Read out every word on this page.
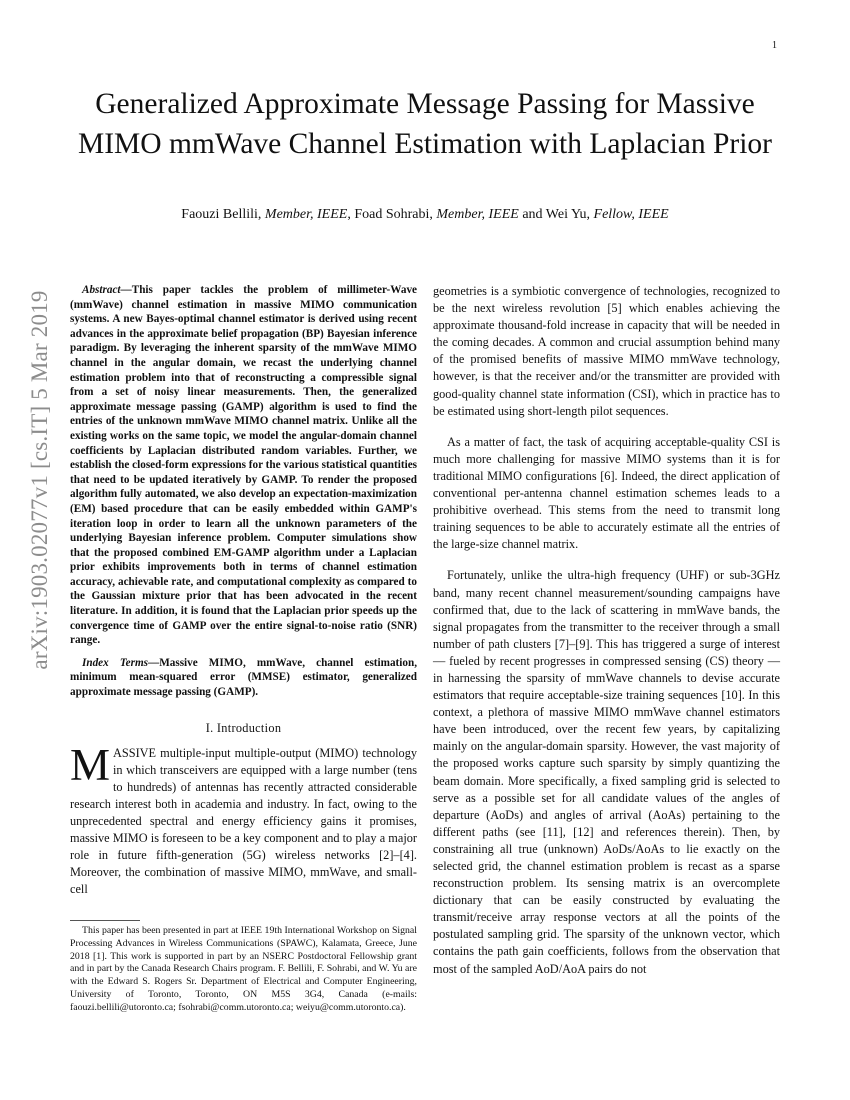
1
arXiv:1903.02077v1 [cs.IT] 5 Mar 2019
Generalized Approximate Message Passing for Massive MIMO mmWave Channel Estimation with Laplacian Prior
Faouzi Bellili, Member, IEEE, Foad Sohrabi, Member, IEEE and Wei Yu, Fellow, IEEE

Abstract—This paper tackles the problem of millimeter-Wave (mmWave) channel estimation in massive MIMO communication systems. A new Bayes-optimal channel estimator is derived using recent advances in the approximate belief propagation (BP) Bayesian inference paradigm. By leveraging the inherent sparsity of the mmWave MIMO channel in the angular domain, we recast the underlying channel estimation problem into that of reconstructing a compressible signal from a set of noisy linear measurements. Then, the generalized approximate message passing (GAMP) algorithm is used to find the entries of the unknown mmWave MIMO channel matrix. Unlike all the existing works on the same topic, we model the angular-domain channel coefficients by Laplacian distributed random variables. Further, we establish the closed-form expressions for the various statistical quantities that need to be updated iteratively by GAMP. To render the proposed algorithm fully automated, we also develop an expectation-maximization (EM) based procedure that can be easily embedded within GAMP's iteration loop in order to learn all the unknown parameters of the underlying Bayesian inference problem. Computer simulations show that the proposed combined EM-GAMP algorithm under a Laplacian prior exhibits improvements both in terms of channel estimation accuracy, achievable rate, and computational complexity as compared to the Gaussian mixture prior that has been advocated in the recent literature. In addition, it is found that the Laplacian prior speeds up the convergence time of GAMP over the entire signal-to-noise ratio (SNR) range.

Index Terms—Massive MIMO, mmWave, channel estimation, minimum mean-squared error (MMSE) estimator, generalized approximate message passing (GAMP).

I. Introduction

MASSIVE multiple-input multiple-output (MIMO) technology in which transceivers are equipped with a large number (tens to hundreds) of antennas has recently attracted considerable research interest both in academia and industry. In fact, owing to the unprecedented spectral and energy efficiency gains it promises, massive MIMO is foreseen to be a key component and to play a major role in future fifth-generation (5G) wireless networks [2]–[4]. Moreover, the combination of massive MIMO, mmWave, and small-cell

This paper has been presented in part at IEEE 19th International Workshop on Signal Processing Advances in Wireless Communications (SPAWC), Kalamata, Greece, June 2018 [1]. This work is supported in part by an NSERC Postdoctoral Fellowship grant and in part by the Canada Research Chairs program. F. Bellili, F. Sohrabi, and W. Yu are with the Edward S. Rogers Sr. Department of Electrical and Computer Engineering, University of Toronto, Toronto, ON M5S 3G4, Canada (e-mails: faouzi.bellili@utoronto.ca; fsohrabi@comm.utoronto.ca; weiyu@comm.utoronto.ca).

geometries is a symbiotic convergence of technologies, recognized to be the next wireless revolution [5] which enables achieving the approximate thousand-fold increase in capacity that will be needed in the coming decades. A common and crucial assumption behind many of the promised benefits of massive MIMO mmWave technology, however, is that the receiver and/or the transmitter are provided with good-quality channel state information (CSI), which in practice has to be estimated using short-length pilot sequences.

As a matter of fact, the task of acquiring acceptable-quality CSI is much more challenging for massive MIMO systems than it is for traditional MIMO configurations [6]. Indeed, the direct application of conventional per-antenna channel estimation schemes leads to a prohibitive overhead. This stems from the need to transmit long training sequences to be able to accurately estimate all the entries of the large-size channel matrix.

Fortunately, unlike the ultra-high frequency (UHF) or sub-3GHz band, many recent channel measurement/sounding campaigns have confirmed that, due to the lack of scattering in mmWave bands, the signal propagates from the transmitter to the receiver through a small number of path clusters [7]–[9]. This has triggered a surge of interest — fueled by recent progresses in compressed sensing (CS) theory — in harnessing the sparsity of mmWave channels to devise accurate estimators that require acceptable-size training sequences [10]. In this context, a plethora of massive MIMO mmWave channel estimators have been introduced, over the recent few years, by capitalizing mainly on the angular-domain sparsity. However, the vast majority of the proposed works capture such sparsity by simply quantizing the beam domain. More specifically, a fixed sampling grid is selected to serve as a possible set for all candidate values of the angles of departure (AoDs) and angles of arrival (AoAs) pertaining to the different paths (see [11], [12] and references therein). Then, by constraining all true (unknown) AoDs/AoAs to lie exactly on the selected grid, the channel estimation problem is recast as a sparse reconstruction problem. Its sensing matrix is an overcomplete dictionary that can be easily constructed by evaluating the transmit/receive array response vectors at all the points of the postulated sampling grid. The sparsity of the unknown vector, which contains the path gain coefficients, follows from the observation that most of the sampled AoD/AoA pairs do not
